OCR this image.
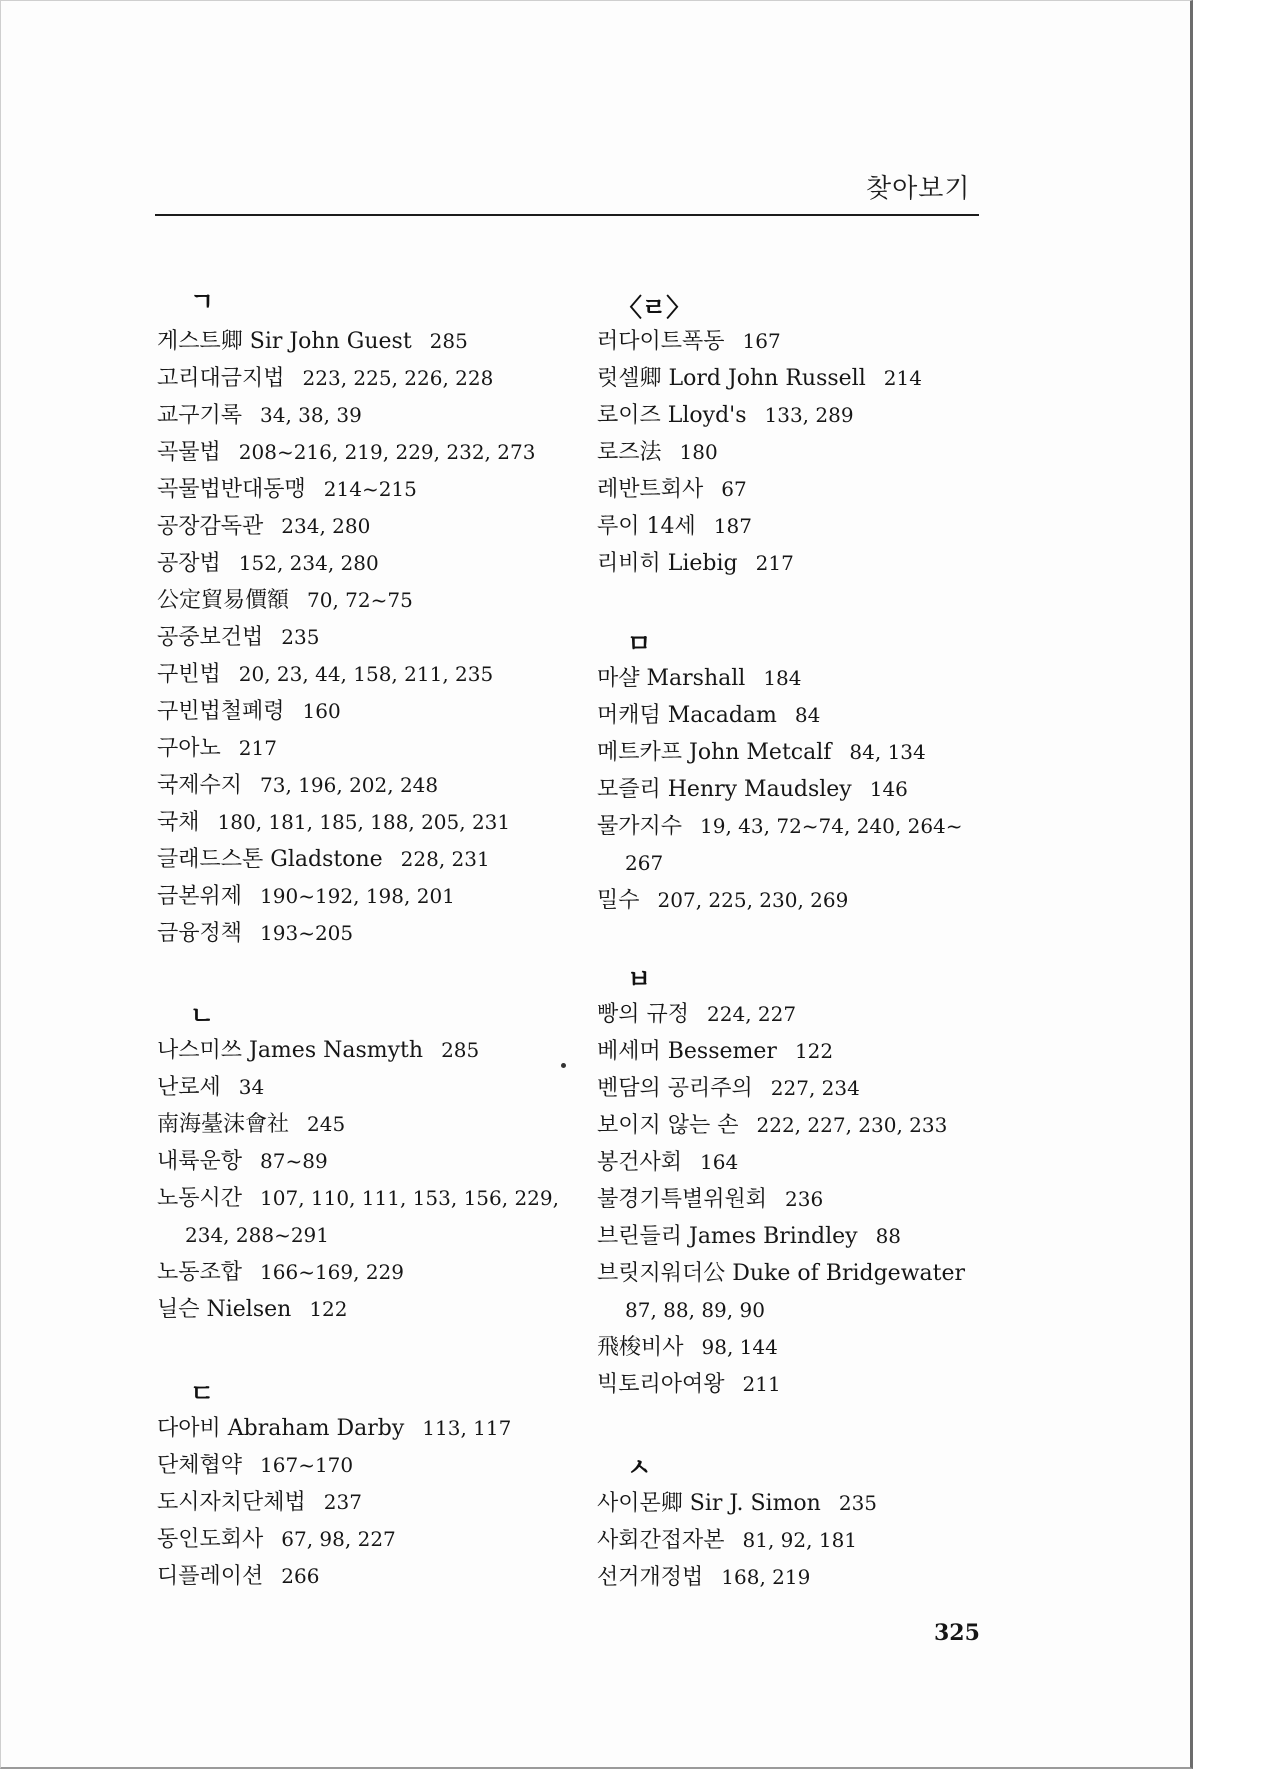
찾아보기
ㄱ
게스트卿 Sir John Guest 285
고리대금지법 223, 225, 226, 228
교구기록 34, 38, 39
곡물법 208~216, 219, 229, 232, 273
곡물법반대동맹 214~215
공장감독관 234, 280
공장법 152, 234, 280
公定貿易價額 70, 72~75
공중보건법 235
구빈법 20, 23, 44, 158, 211, 235
구빈법철폐령 160
구아노 217
국제수지 73, 196, 202, 248
국채 180, 181, 185, 188, 205, 231
글래드스톤 Gladstone 228, 231
금본위제 190~192, 198, 201
금융정책 193~205
ㄴ
나스미쓰 James Nasmyth 285
난로세 34
南海䑓沫會社 245
내륙운항 87~89
노동시간 107, 110, 111, 153, 156, 229,
234, 288~291
노동조합 166~169, 229
닐슨 Nielsen 122
ㄷ
다아비 Abraham Darby 113, 117
단체협약 167~170
도시자치단체법 237
동인도회사 67, 98, 227
디플레이션 266
〈ㄹ〉
러다이트폭동 167
럿셀卿 Lord John Russell 214
로이즈 Lloyd's 133, 289
로즈法 180
레반트회사 67
루이 14세 187
리비히 Liebig 217
ㅁ
마샬 Marshall 184
머캐덤 Macadam 84
메트카프 John Metcalf 84, 134
모즐리 Henry Maudsley 146
물가지수 19, 43, 72~74, 240, 264~
267
밀수 207, 225, 230, 269
ㅂ
빵의 규정 224, 227
베세머 Bessemer 122
벤담의 공리주의 227, 234
보이지 않는 손 222, 227, 230, 233
봉건사회 164
불경기특별위원회 236
브린들리 James Brindley 88
브릿지워더公 Duke of Bridgewater
87, 88, 89, 90
飛梭비사 98, 144
빅토리아여왕 211
ㅅ
사이몬卿 Sir J. Simon 235
사회간접자본 81, 92, 181
선거개정법 168, 219
325
